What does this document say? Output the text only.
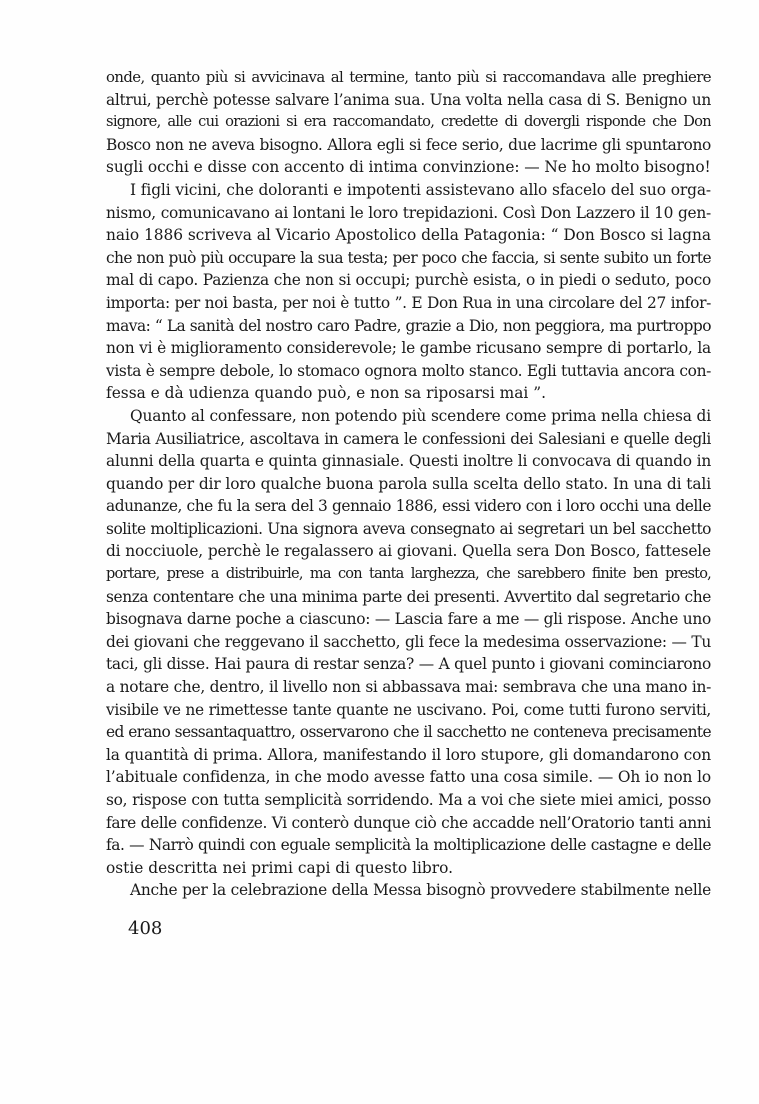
onde, quanto più si avvicinava al termine, tanto più si raccomandava alle preghiere
altrui, perchè potesse salvare l’anima sua. Una volta nella casa di S. Benigno un
signore, alle cui orazioni si era raccomandato, credette di dovergli risponde che Don
Bosco non ne aveva bisogno. Allora egli si fece serio, due lacrime gli spuntarono
sugli occhi e disse con accento di intima convinzione: — Ne ho molto bisogno!
I figli vicini, che doloranti e impotenti assistevano allo sfacelo del suo orga-
nismo, comunicavano ai lontani le loro trepidazioni. Così Don Lazzero il 10 gen-
naio 1886 scriveva al Vicario Apostolico della Patagonia: “ Don Bosco si lagna
che non può più occupare la sua testa; per poco che faccia, si sente subito un forte
mal di capo. Pazienza che non si occupi; purchè esista, o in piedi o seduto, poco
importa: per noi basta, per noi è tutto ”. E Don Rua in una circolare del 27 infor-
mava: “ La sanità del nostro caro Padre, grazie a Dio, non peggiora, ma purtroppo
non vi è miglioramento considerevole; le gambe ricusano sempre di portarlo, la
vista è sempre debole, lo stomaco ognora molto stanco. Egli tuttavia ancora con-
fessa e dà udienza quando può, e non sa riposarsi mai ”.
Quanto al confessare, non potendo più scendere come prima nella chiesa di
Maria Ausiliatrice, ascoltava in camera le confessioni dei Salesiani e quelle degli
alunni della quarta e quinta ginnasiale. Questi inoltre li convocava di quando in
quando per dir loro qualche buona parola sulla scelta dello stato. In una di tali
adunanze, che fu la sera del 3 gennaio 1886, essi videro con i loro occhi una delle
solite moltiplicazioni. Una signora aveva consegnato ai segretari un bel sacchetto
di nocciuole, perchè le regalassero ai giovani. Quella sera Don Bosco, fattesele
portare, prese a distribuirle, ma con tanta larghezza, che sarebbero finite ben presto,
senza contentare che una minima parte dei presenti. Avvertito dal segretario che
bisognava darne poche a ciascuno: — Lascia fare a me — gli rispose. Anche uno
dei giovani che reggevano il sacchetto, gli fece la medesima osservazione: — Tu
taci, gli disse. Hai paura di restar senza? — A quel punto i giovani cominciarono
a notare che, dentro, il livello non si abbassava mai: sembrava che una mano in-
visibile ve ne rimettesse tante quante ne uscivano. Poi, come tutti furono serviti,
ed erano sessantaquattro, osservarono che il sacchetto ne conteneva precisamente
la quantità di prima. Allora, manifestando il loro stupore, gli domandarono con
l’abituale confidenza, in che modo avesse fatto una cosa simile. — Oh io non lo
so, rispose con tutta semplicità sorridendo. Ma a voi che siete miei amici, posso
fare delle confidenze. Vi conterò dunque ciò che accadde nell’Oratorio tanti anni
fa. — Narrò quindi con eguale semplicità la moltiplicazione delle castagne e delle
ostie descritta nei primi capi di questo libro.
Anche per la celebrazione della Messa bisognò provvedere stabilmente nelle
408
